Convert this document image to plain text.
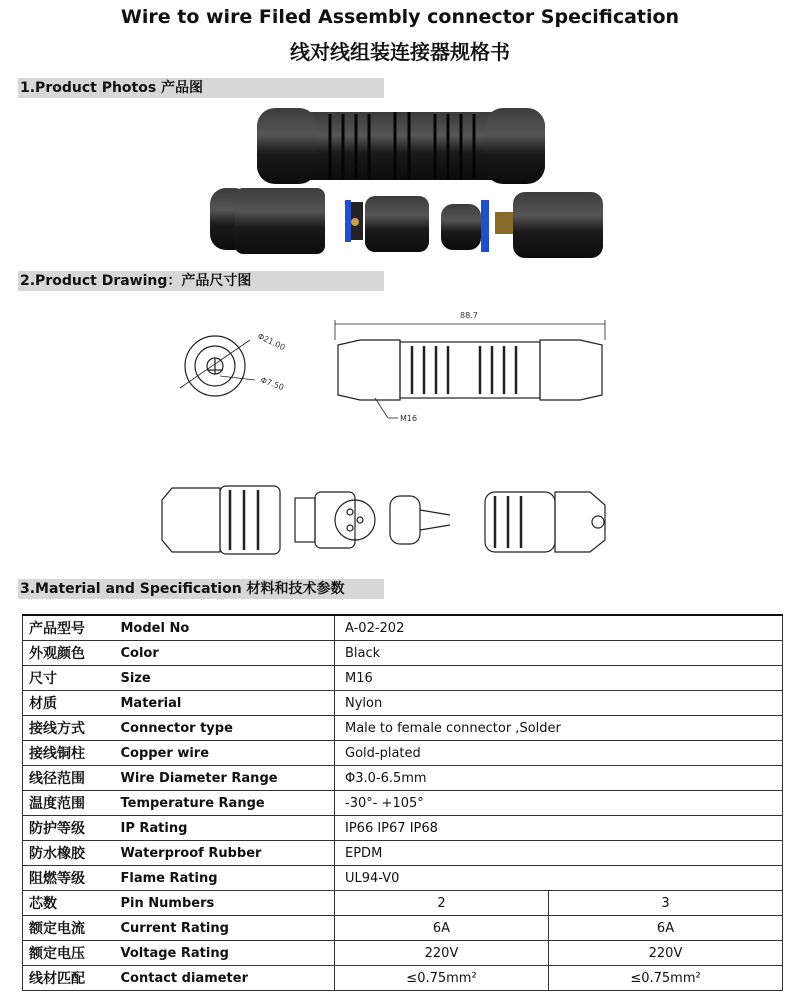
Wire to wire Filed Assembly connector Specification
线对线组装连接器规格书
1.Product Photos 产品图
2.Product Drawing：产品尺寸图
Φ21.00
Φ7.50
88.7
M16
3.Material and Specification 材料和技术参数
产品型号	Model No	A-02-202	
外观颜色	Color	Black	
尺寸	Size	M16	
材质	Material	Nylon	
接线方式	Connector type	Male to female connector ,Solder	
接线铜柱	Copper wire	Gold-plated	
线径范围	Wire Diameter Range	Φ3.0-6.5mm	
温度范围	Temperature Range	-30°- +105°	
防护等级	IP Rating	IP66 IP67 IP68	
防水橡胶	Waterproof Rubber	EPDM	
阻燃等级	Flame Rating	UL94-V0	
芯数	Pin Numbers	2	3
额定电流	Current Rating	6A	6A
额定电压	Voltage Rating	220V	220V
线材匹配	Contact diameter	≤0.75mm²	≤0.75mm²
